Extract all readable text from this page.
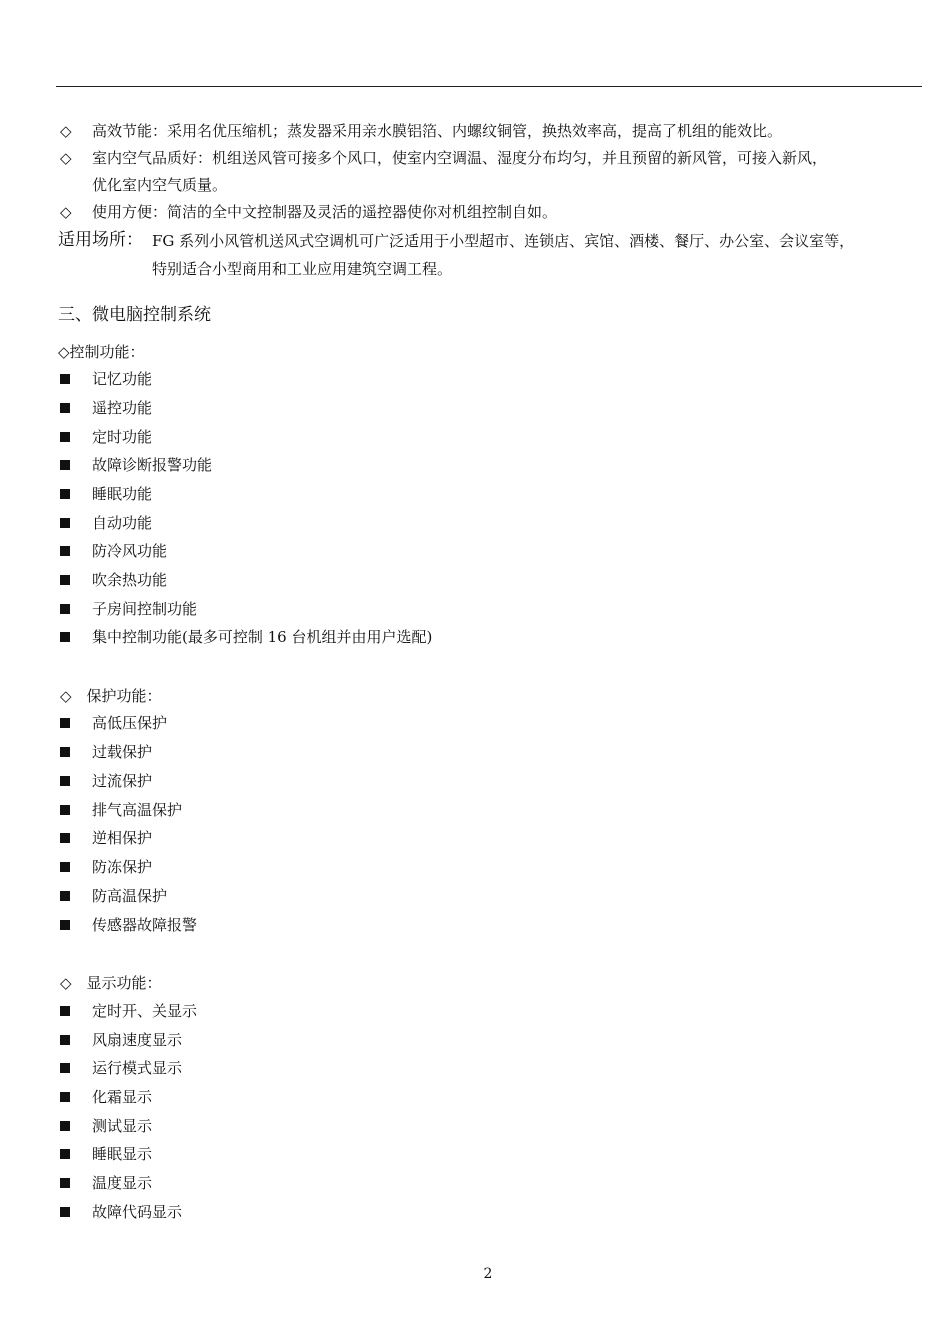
◇ 高效节能：采用名优压缩机；蒸发器采用亲水膜铝箔、内螺纹铜管，换热效率高，提高了机组的能效比。
◇ 室内空气品质好：机组送风管可接多个风口，使室内空调温、湿度分布均匀，并且预留的新风管，可接入新风，
优化室内空气质量。
◇ 使用方便：简洁的全中文控制器及灵活的遥控器使你对机组控制自如。
适用场所： FG 系列小风管机送风式空调机可广泛适用于小型超市、连锁店、宾馆、酒楼、餐厅、办公室、会议室等，
特别适合小型商用和工业应用建筑空调工程。
三、微电脑控制系统
◇控制功能：
记忆功能
遥控功能
定时功能
故障诊断报警功能
睡眠功能
自动功能
防冷风功能
吹余热功能
子房间控制功能
集中控制功能(最多可控制 16 台机组并由用户选配)
◇　保护功能：
高低压保护
过载保护
过流保护
排气高温保护
逆相保护
防冻保护
防高温保护
传感器故障报警
◇　显示功能：
定时开、关显示
风扇速度显示
运行模式显示
化霜显示
测试显示
睡眠显示
温度显示
故障代码显示
2
